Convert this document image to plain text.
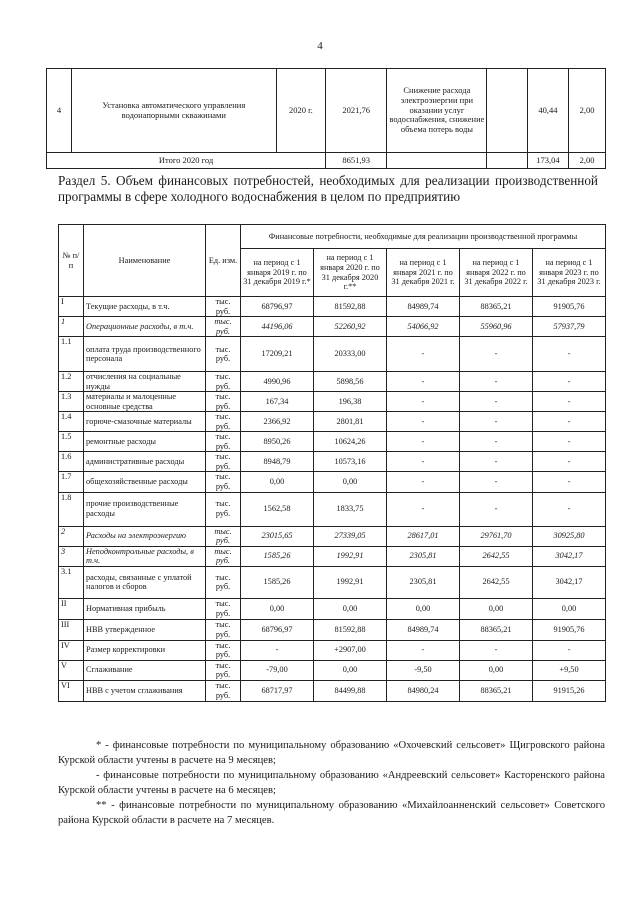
4
4	Установка автоматического управления водонапорными скважинами	2020 г.	2021,76	Снижение расхода электроэнергии при оказании услуг водоснабжения, снижение объема потерь воды		40,44	2,00
Итого 2020 год			8651,93			173,04	2,00
Раздел 5. Объем финансовых потребностей, необходимых для реализации производственной программы в сфере холодного водоснабжения в целом по предприятию
№ п/п	Наименование	Ед. изм.	Финансовые потребности, необходимые для реализации производственной программы				
			на период с 1 января 2019 г. по 31 декабря 2019 г.*	на период с 1 января 2020 г. по 31 декабря 2020 г.**	на период с 1 января 2021 г. по 31 декабря 2021 г.	на период с 1 января 2022 г. по 31 декабря 2022 г.	на период с 1 января 2023 г. по 31 декабря 2023 г.
I	Текущие расходы, в т.ч.	тыс. руб.	68796,97	81592,88	84989,74	88365,21	91905,76
1	Операционные расходы, в т.ч.	тыс. руб.	44196,06	52260,92	54066,92	55960,96	57937,79
1.1	оплата труда производственного персонала	тыс. руб.	17209,21	20333,00	-	-	-
1.2	отчисления на социальные нужды	тыс. руб.	4990,96	5898,56	-	-	-
1.3	материалы и малоценные основные средства	тыс. руб.	167,34	196,38	-	-	-
1.4	горюче-смазочные материалы	тыс. руб.	2366,92	2801,81	-	-	-
1.5	ремонтные расходы	тыс. руб.	8950,26	10624,26	-	-	-
1.6	административные расходы	тыс. руб.	8948,79	10573,16	-	-	-
1.7	общехозяйственные расходы	тыс. руб.	0,00	0,00	-	-	-
1.8	прочие производственные расходы	тыс. руб.	1562,58	1833,75	-	-	-
2	Расходы на электроэнергию	тыс. руб.	23015,65	27339,05	28617,01	29761,70	30925,80
3	Неподконтрольные расходы, в т.ч.	тыс. руб.	1585,26	1992,91	2305,81	2642,55	3042,17
3.1	расходы, связанные с уплатой налогов и сборов	тыс. руб.	1585,26	1992,91	2305,81	2642,55	3042,17
II	Нормативная прибыль	тыс. руб.	0,00	0,00	0,00	0,00	0,00
III	НВВ утвержденное	тыс. руб.	68796,97	81592,88	84989,74	88365,21	91905,76
IV	Размер корректировки	тыс. руб.	-	+2907,00	-	-	-
V	Сглаживание	тыс. руб.	-79,00	0,00	-9,50	0,00	+9,50
VI	НВВ с учетом сглаживания	тыс. руб.	68717,97	84499,88	84980,24	88365,21	91915,26

* - финансовые потребности по муниципальному образованию «Охочевский сельсовет» Щигровского района Курской области учтены в расчете на 9 месяцев;

- финансовые потребности по муниципальному образованию «Андреевский сельсовет» Касторенского района Курской области учтены в расчете на 6 месяцев;

** - финансовые потребности по муниципальному образованию «Михайлоанненский сельсовет» Советского района Курской области в расчете на 7 месяцев.
